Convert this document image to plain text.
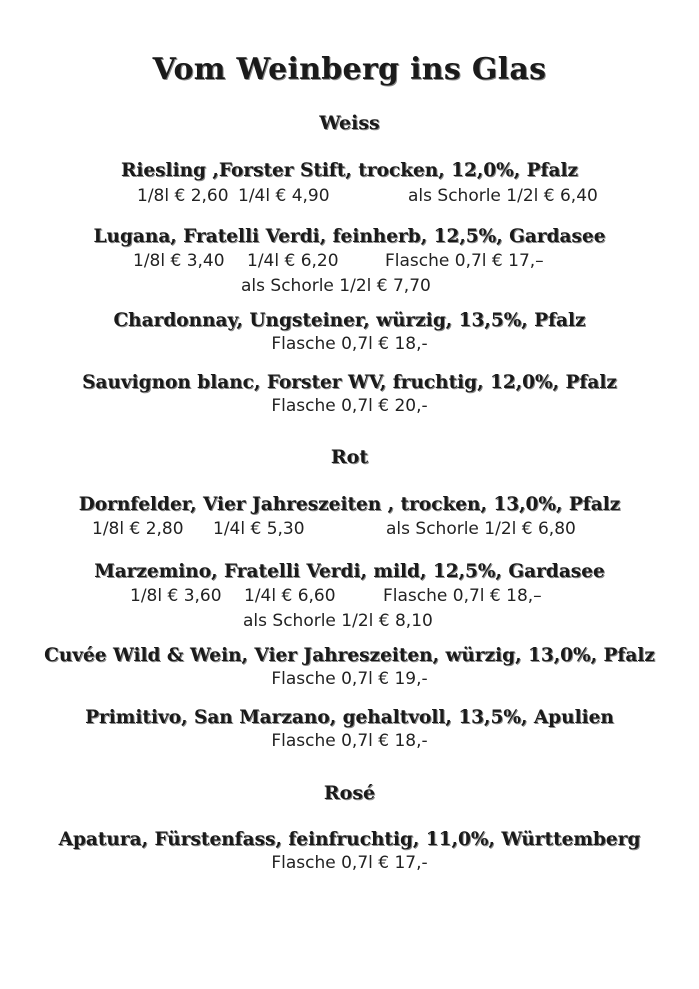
Vom Weinberg ins Glas
Weiss
Riesling ,Forster Stift, trocken, 12,0%, Pfalz
1/8l € 2,60 1/4l € 4,90	als Schorle 1/2l € 6,40
Lugana, Fratelli Verdi, feinherb, 12,5%, Gardasee
1/8l € 3,40 1/4l € 6,20	Flasche 0,7l € 17,–
als Schorle 1/2l € 7,70
Chardonnay, Ungsteiner, würzig, 13,5%, Pfalz
Flasche 0,7l € 18,-
Sauvignon blanc, Forster WV, fruchtig, 12,0%, Pfalz
Flasche 0,7l € 20,-
Rot
Dornfelder, Vier Jahreszeiten , trocken, 13,0%, Pfalz
1/8l € 2,80 1/4l € 5,30	als Schorle 1/2l € 6,80
Marzemino, Fratelli Verdi, mild, 12,5%, Gardasee
1/8l € 3,60 1/4l € 6,60	Flasche 0,7l € 18,–
als Schorle 1/2l € 8,10
Cuvée Wild & Wein, Vier Jahreszeiten, würzig, 13,0%, Pfalz
Flasche 0,7l € 19,-
Primitivo, San Marzano, gehaltvoll, 13,5%, Apulien
Flasche 0,7l € 18,-
Rosé
Apatura, Fürstenfass, feinfruchtig, 11,0%, Württemberg
Flasche 0,7l € 17,-
